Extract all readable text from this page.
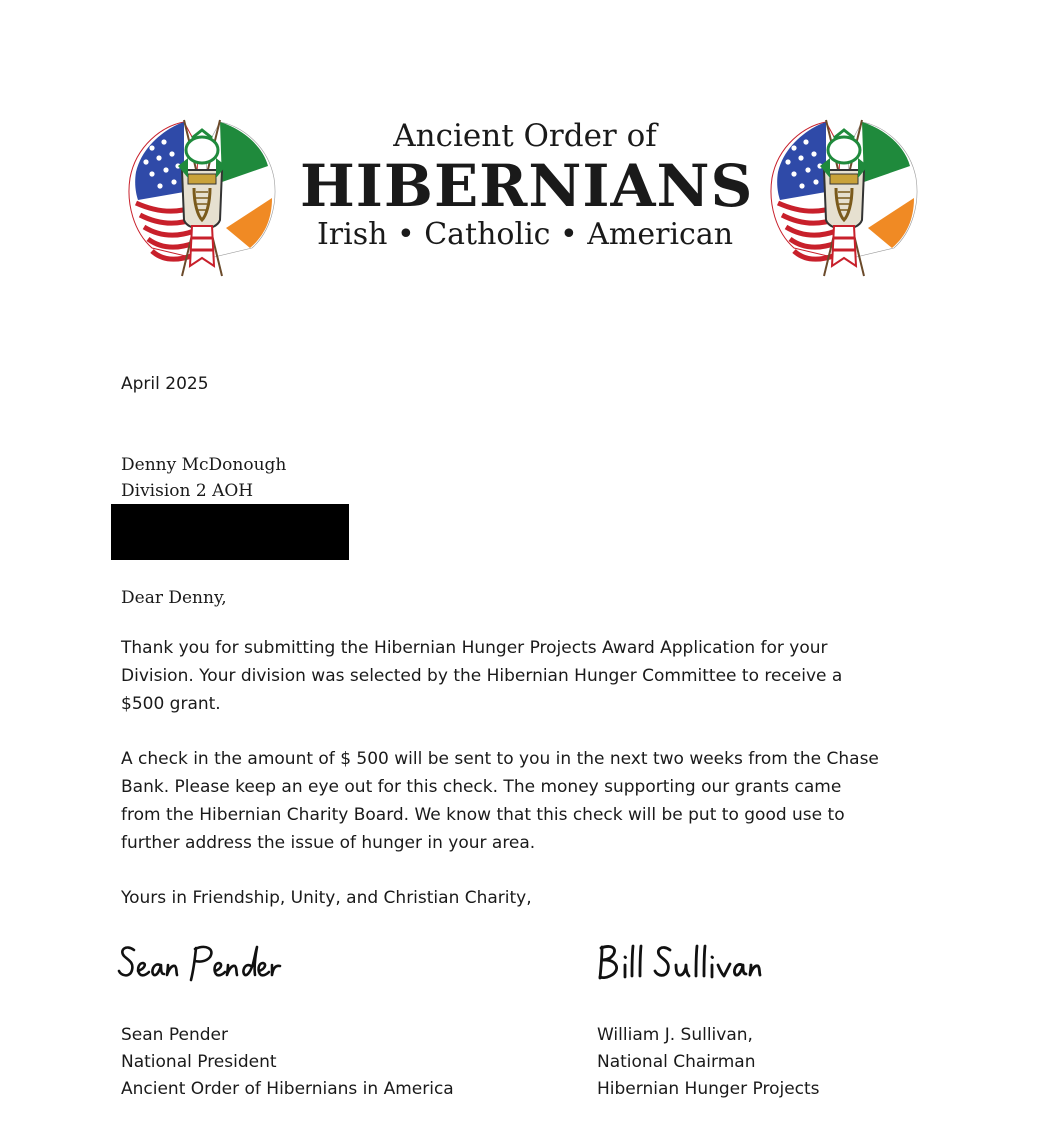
Ancient Order of
HIBERNIANS
Irish • Catholic • American
April 2025
Denny McDonough
Division 2 AOH
Dear Denny,
Thank you for submitting the Hibernian Hunger Projects Award Application for your
Division. Your division was selected by the Hibernian Hunger Committee to receive a
$500 grant.
A check in the amount of $ 500 will be sent to you in the next two weeks from the Chase
Bank. Please keep an eye out for this check. The money supporting our grants came
from the Hibernian Charity Board. We know that this check will be put to good use to
further address the issue of hunger in your area.
Yours in Friendship, Unity, and Christian Charity,
Sean Pender
National President
Ancient Order of Hibernians in America
William J. Sullivan,
National Chairman
Hibernian Hunger Projects
